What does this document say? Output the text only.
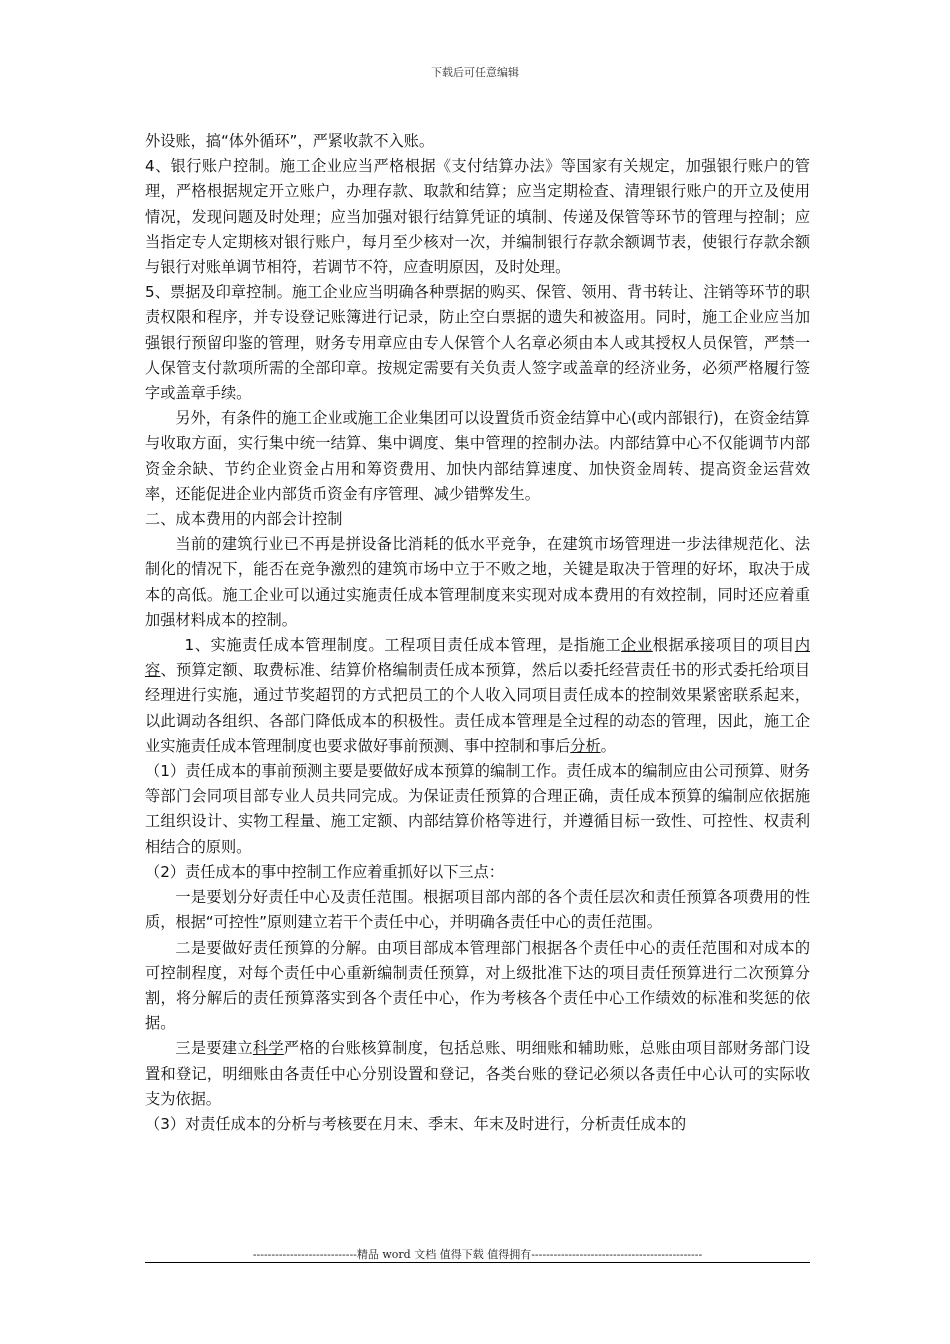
下载后可任意编辑

外设账，搞“体外循环”，严紧收款不入账。

4、银行账户控制。施工企业应当严格根据《支付结算办法》等国家有关规定，加强银行账户的管理，严格根据规定开立账户，办理存款、取款和结算；应当定期检查、清理银行账户的开立及使用情况，发现问题及时处理；应当加强对银行结算凭证的填制、传递及保管等环节的管理与控制；应当指定专人定期核对银行账户，每月至少核对一次，并编制银行存款余额调节表，使银行存款余额与银行对账单调节相符，若调节不符，应查明原因，及时处理。

5、票据及印章控制。施工企业应当明确各种票据的购买、保管、领用、背书转让、注销等环节的职责权限和程序，并专设登记账簿进行记录，防止空白票据的遗失和被盗用。同时，施工企业应当加强银行预留印鉴的管理，财务专用章应由专人保管个人名章必须由本人或其授权人员保管，严禁一人保管支付款项所需的全部印章。按规定需要有关负责人签字或盖章的经济业务，必须严格履行签字或盖章手续。

另外，有条件的施工企业或施工企业集团可以设置货币资金结算中心(或内部银行)，在资金结算与收取方面，实行集中统一结算、集中调度、集中管理的控制办法。内部结算中心不仅能调节内部资金余缺、节约企业资金占用和筹资费用、加快内部结算速度、加快资金周转、提高资金运营效率，还能促进企业内部货币资金有序管理、减少错弊发生。

二、成本费用的内部会计控制

当前的建筑行业已不再是拼设备比消耗的低水平竞争，在建筑市场管理进一步法律规范化、法制化的情况下，能否在竞争激烈的建筑市场中立于不败之地，关键是取决于管理的好坏，取决于成本的高低。施工企业可以通过实施责任成本管理制度来实现对成本费用的有效控制，同时还应着重加强材料成本的控制。

1、实施责任成本管理制度。工程项目责任成本管理，是指施工企业根据承接项目的项目内容、预算定额、取费标准、结算价格编制责任成本预算，然后以委托经营责任书的形式委托给项目经理进行实施，通过节奖超罚的方式把员工的个人收入同项目责任成本的控制效果紧密联系起来，以此调动各组织、各部门降低成本的积极性。责任成本管理是全过程的动态的管理，因此，施工企业实施责任成本管理制度也要求做好事前预测、事中控制和事后分析。

（1）责任成本的事前预测主要是要做好成本预算的编制工作。责任成本的编制应由公司预算、财务等部门会同项目部专业人员共同完成。为保证责任预算的合理正确，责任成本预算的编制应依据施工组织设计、实物工程量、施工定额、内部结算价格等进行，并遵循目标一致性、可控性、权责利相结合的原则。

（2）责任成本的事中控制工作应着重抓好以下三点：

一是要划分好责任中心及责任范围。根据项目部内部的各个责任层次和责任预算各项费用的性质，根据“可控性”原则建立若干个责任中心，并明确各责任中心的责任范围。

二是要做好责任预算的分解。由项目部成本管理部门根据各个责任中心的责任范围和对成本的可控制程度，对每个责任中心重新编制责任预算，对上级批准下达的项目责任预算进行二次预算分割，将分解后的责任预算落实到各个责任中心，作为考核各个责任中心工作绩效的标准和奖惩的依据。

三是要建立科学严格的台账核算制度，包括总账、明细账和辅助账，总账由项目部财务部门设置和登记，明细账由各责任中心分别设置和登记，各类台账的登记必须以各责任中心认可的实际收支为依据。

（3）对责任成本的分析与考核要在月末、季末、年末及时进行，分析责任成本的

----------------------------精品 word 文档 值得下载 值得拥有----------------------------------------------
